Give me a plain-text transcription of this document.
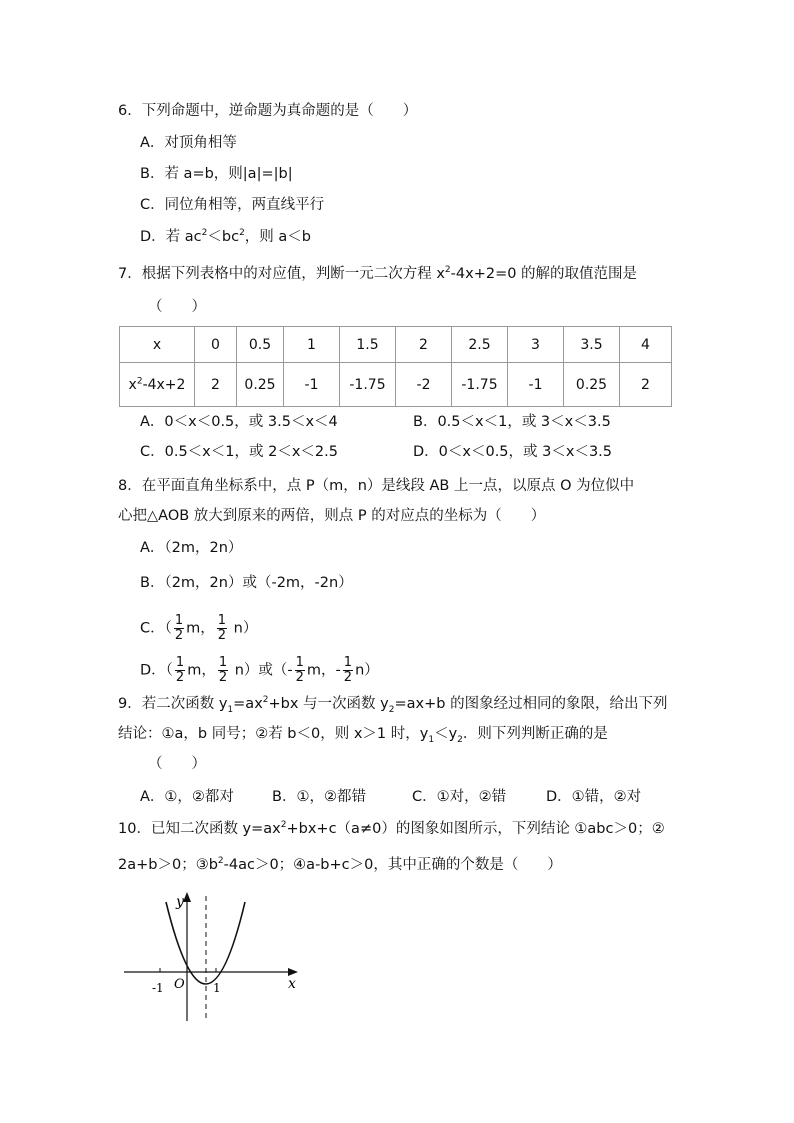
6．下列命题中，逆命题为真命题的是（　　）
A．对顶角相等
B．若 a=b，则|a|=|b|
C．同位角相等，两直线平行
D．若 $ac^2<bc^2$，则 a＜b
7．根据下列表格中的对应值，判断一元二次方程 $x^2-4x+2=0$ 的解的取值范围是
（　　）
x	0	0.5	1	1.5	2	2.5	3	3.5	4
$x^2-4x+2$	2	0.25	-1	-1.75	-2	-1.75	-1	0.25	2
A．0＜x＜0.5，或 3.5＜x＜4	B．0.5＜x＜1，或 3＜x＜3.5
C．0.5＜x＜1，或 2＜x＜2.5	D．0＜x＜0.5，或 3＜x＜3.5
8．在平面直角坐标系中，点 P（m，n）是线段 AB 上一点，以原点 O 为位似中
心把△AOB 放大到原来的两倍，则点 P 的对应点的坐标为（　　）
A．（2m，2n）
B．（2m，2n）或（-2m，-2n）
C．（ $\frac{1}{2}$ m， $\frac{1}{2} n$）
D．（ $\frac{1}{2}$ m， $\frac{1}{2} n$）或（- $\frac{1}{2}$ m，- $\frac{1}{2} n$）
9．若二次函数 $y_1=ax^2+bx$ 与一次函数 $y_2=ax+b$ 的图象经过相同的象限，给出下列
结论：①a，b 同号；②若 b＜0，则 x＞1 时，$y_1<y_2$．则下列判断正确的是
（　　）
A．①，②都对	B．①，②都错	C．①对，②错	D．①错，②对
10．已知二次函数 $y=ax^2+bx+c(a\ne 0)$的图象如图所示，下列结论 ①abc＞0；②
2a+b＞0；$③b^2-4ac>0$；④a-b+c＞0，其中正确的个数是（　　）
y
x
O
-1	1
